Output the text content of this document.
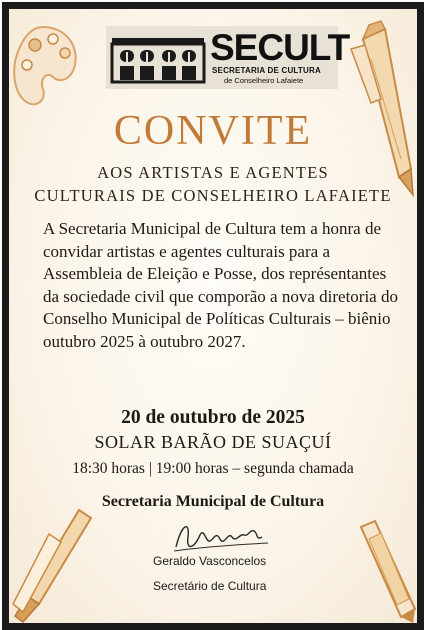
SECULT
SECRETARIA DE CULTURA
de Conselheiro Lafaiete
CONVITE
AOS ARTISTAS E AGENTES
CULTURAIS DE CONSELHEIRO LAFAIETE
A Secretaria Municipal de Cultura tem a honra de convidar artistas e agentes culturais para a Assembleia de Eleição e Posse, dos représentantes da sociedade civil que comporão a nova diretoria do Conselho Municipal de Políticas Culturais – biênio outubro 2025 à outubro 2027.
20 de outubro de 2025
SOLAR BARÃO DE SUAÇUÍ
18:30 horas | 19:00 horas – segunda chamada
Secretaria Municipal de Cultura
Geraldo Vasconcelos
Secretário de Cultura
